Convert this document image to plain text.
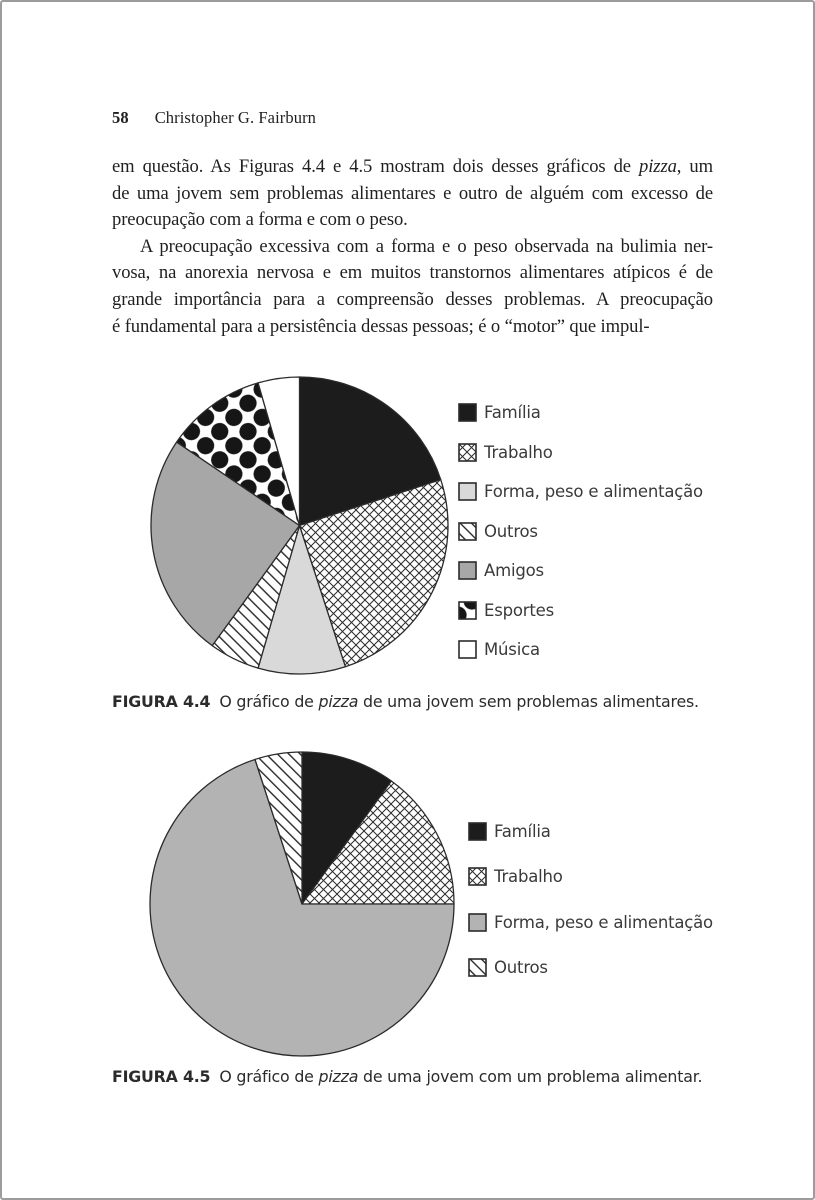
58 Christopher G. Fairburn
em questão. As Figuras 4.4 e 4.5 mostram dois desses gráficos de pizza, um
de uma jovem sem problemas alimentares e outro de alguém com excesso de
preocupação com a forma e com o peso.
A preocupação excessiva com a forma e o peso observada na bulimia ner-
vosa, na anorexia nervosa e em muitos transtornos alimentares atípicos é de
grande importância para a compreensão desses problemas. A preocupação
é fundamental para a persistência dessas pessoas; é o “motor” que impul-
Família
Trabalho
Forma, peso e alimentação
Outros
Amigos
Esportes
Música

FIGURA 4.4 O gráfico de pizza de uma jovem sem problemas alimentares.

Família
Trabalho
Forma, peso e alimentação
Outros

FIGURA 4.5 O gráfico de pizza de uma jovem com um problema alimentar.
